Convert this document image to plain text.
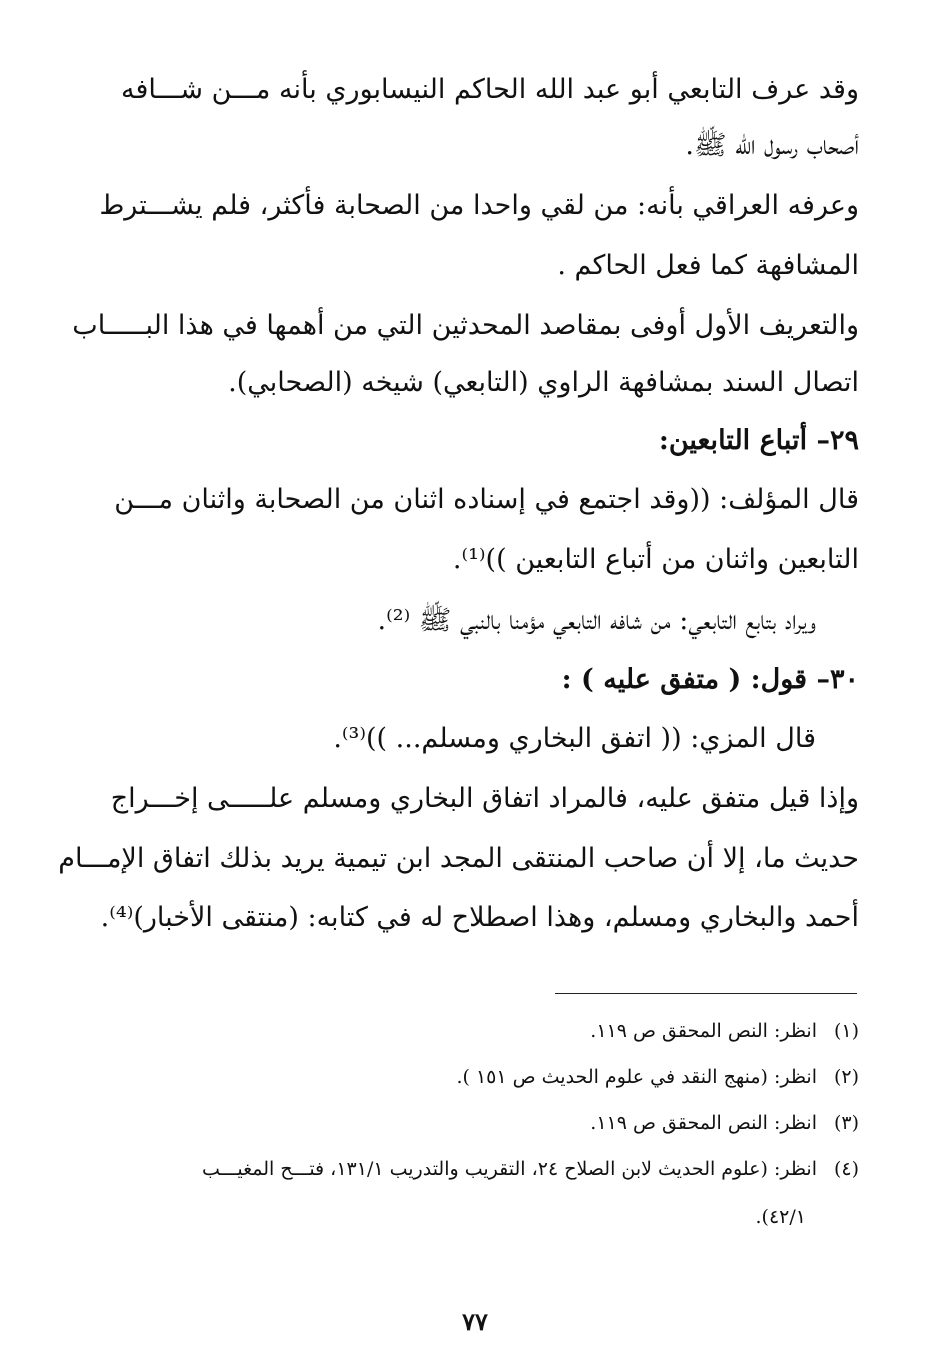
وقد عرف التابعي أبو عبد الله الحاكم النيسابوري بأنه مـــن شـــافه
أصحاب رسول الله ﷺ.
وعرفه العراقي بأنه: من لقي واحدا من الصحابة فأكثر، فلم يشـــترط
المشافهة كما فعل الحاكم .
والتعريف الأول أوفى بمقاصد المحدثين التي من أهمها في هذا البـــــاب
اتصال السند بمشافهة الراوي (التابعي) شيخه (الصحابي).
٢٩– أتباع التابعين:
قال المؤلف: ((وقد اجتمع في إسناده اثنان من الصحابة واثنان مـــن
التابعين واثنان من أتباع التابعين ))⁽¹⁾.
ويراد بتابع التابعي: من شافه التابعي مؤمنا بالنبي ﷺ ⁽²⁾.
٣٠– قول: ( متفق عليه ) :
قال المزي: (( اتفق البخاري ومسلم... ))⁽³⁾.
وإذا قيل متفق عليه، فالمراد اتفاق البخاري ومسلم علـــــى إخـــراج
حديث ما، إلا أن صاحب المنتقى المجد ابن تيمية يريد بذلك اتفاق الإمـــام
أحمد والبخاري ومسلم، وهذا اصطلاح له في كتابه: (منتقى الأخبار)⁽⁴⁾.
(١)انظر: النص المحقق ص ١١٩.
(٢)انظر: (منهج النقد في علوم الحديث ص ١٥١ ).
(٣)انظر: النص المحقق ص ١١٩.
(٤)انظر: (علوم الحديث لابن الصلاح ٢٤، التقريب والتدريب ١٣١/١، فتـــح المغيـــب
٤٢/١).
٧٧
